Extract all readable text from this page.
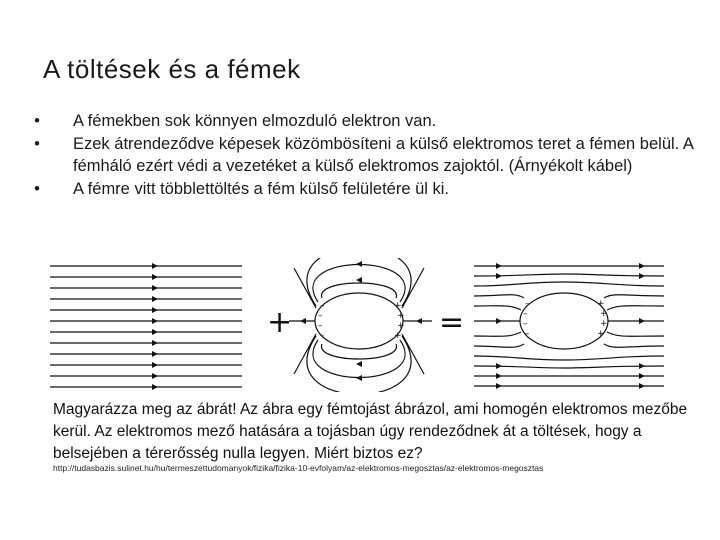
A töltések és a fémek
• A fémekben sok könnyen elmozduló elektron van.
• Ezek átrendeződve képesek közömbösíteni a külső elektromos teret a fémen belül. A fémháló ezért védi a vezetéket a külső elektromos zajoktól. (Árnyékolt kábel)
• A fémre vitt többlettöltés a fém külső felületére ül ki.
+	–
–
–
–
+
+
+
+ =
–
–
–
–
+
+
+
+
Magyarázza meg az ábrát! Az ábra egy fémtojást ábrázol, ami homogén elektromos mezőbe kerül. Az elektromos mező hatására a tojásban úgy rendeződnek át a töltések, hogy a belsejében a térerősség nulla legyen. Miért biztos ez?
http://tudasbazis.sulinet.hu/hu/termeszettudomanyok/fizika/fizika-10-evfolyam/az-elektromos-megosztas/az-elektromos-megosztas
